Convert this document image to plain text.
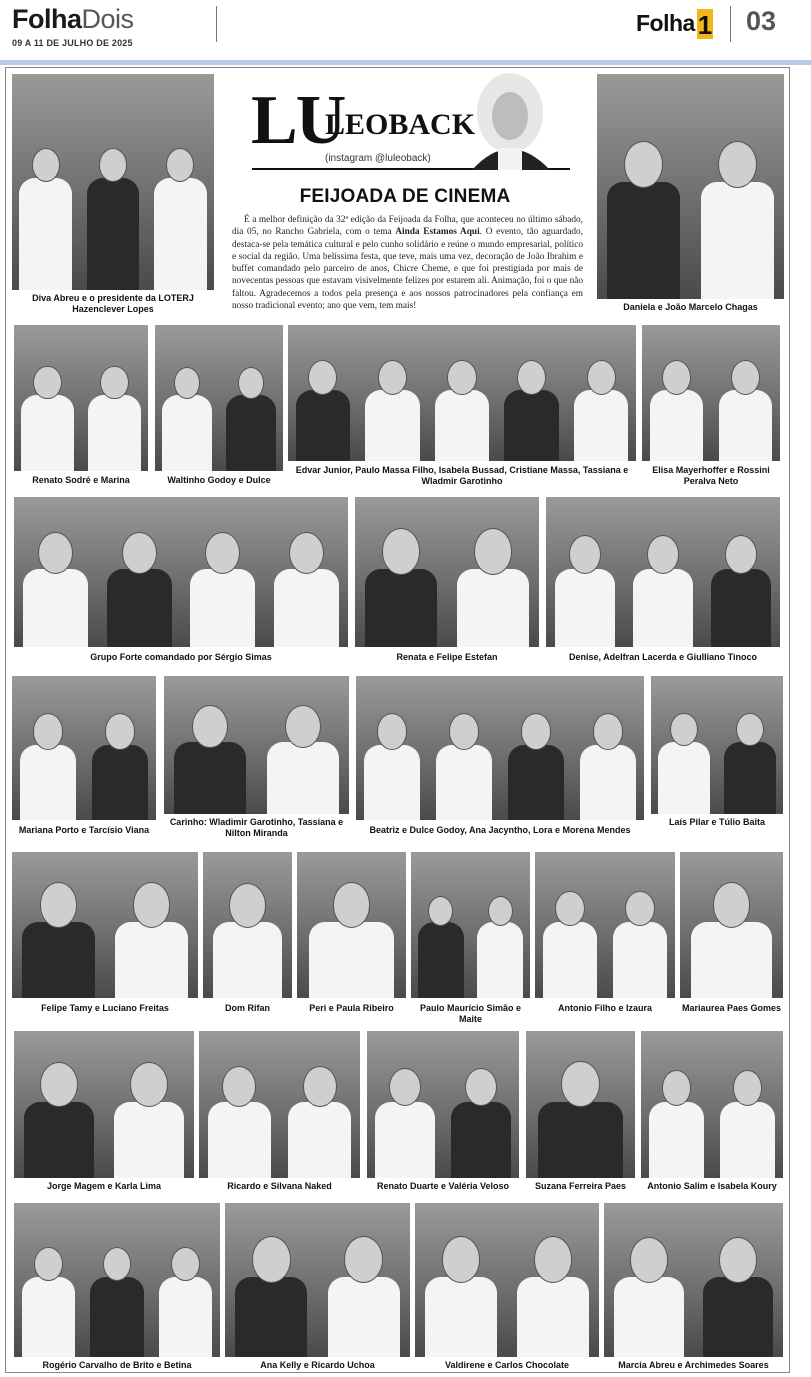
FolhaDois
09 A 11 DE JULHO DE 2025
Folha 1 03
LU
LEOBACK
(instagram @luleoback)
FEIJOADA DE CINEMA
É a melhor definição da 32ª edição da Feijoada da Folha, que aconteceu no último sábado, dia 05, no Rancho Gabriela, com o tema Ainda Estamos Aqui. O evento, tão aguardado, destaca-se pela temática cultural e pelo cunho solidário e reúne o mundo empresarial, político e social da região. Uma belíssima festa, que teve, mais uma vez, decoração de João Ibrahim e buffet comandado pelo parceiro de anos, Chicre Cheme, e que foi prestigiada por mais de novecentas pessoas que estavam visivelmente felizes por estarem ali. Animação, foi o que não faltou. Agradecemos a todos pela presença e aos nossos patrocinadores pela confiança em nosso tradicional evento; ano que vem, tem mais!
Diva Abreu e o presidente da LOTERJ Hazenclever Lopes	Daniela e João Marcelo Chagas
Renato Sodré e Marina	Waltinho Godoy e Dulce
Edvar Junior, Paulo Massa Filho, Isabela Bussad, Cristiane Massa, Tassiana e Wladmir Garotinho
Elisa Mayerhoffer e Rossini Peralva Neto
Grupo Forte comandado por Sérgio Simas	Renata e Felipe Estefan	Denise, Adelfran Lacerda e Giulliano Tinoco
Mariana Porto e Tarcísio Viana
Carinho: Wladimir Garotinho, Tassiana e Nilton Miranda	Beatriz e Dulce Godoy, Ana Jacyntho, Lora e Morena Mendes
Laís Pilar e Túlio Baita
Felipe Tamy e Luciano Freitas	Dom Rifan	Peri e Paula Ribeiro	Paulo Maurício Simão e Maite
Antonio Filho e Izaura	Mariaurea Paes Gomes
Jorge Magem e Karla Lima	Ricardo e Silvana Naked	Renato Duarte e Valéria Veloso	Suzana Ferreira Paes	Antonio Salim e Isabela Koury
Rogério Carvalho de Brito e Betina	Ana Kelly e Ricardo Uchoa	Valdirene e Carlos Chocolate	Marcia Abreu e Archimedes Soares
